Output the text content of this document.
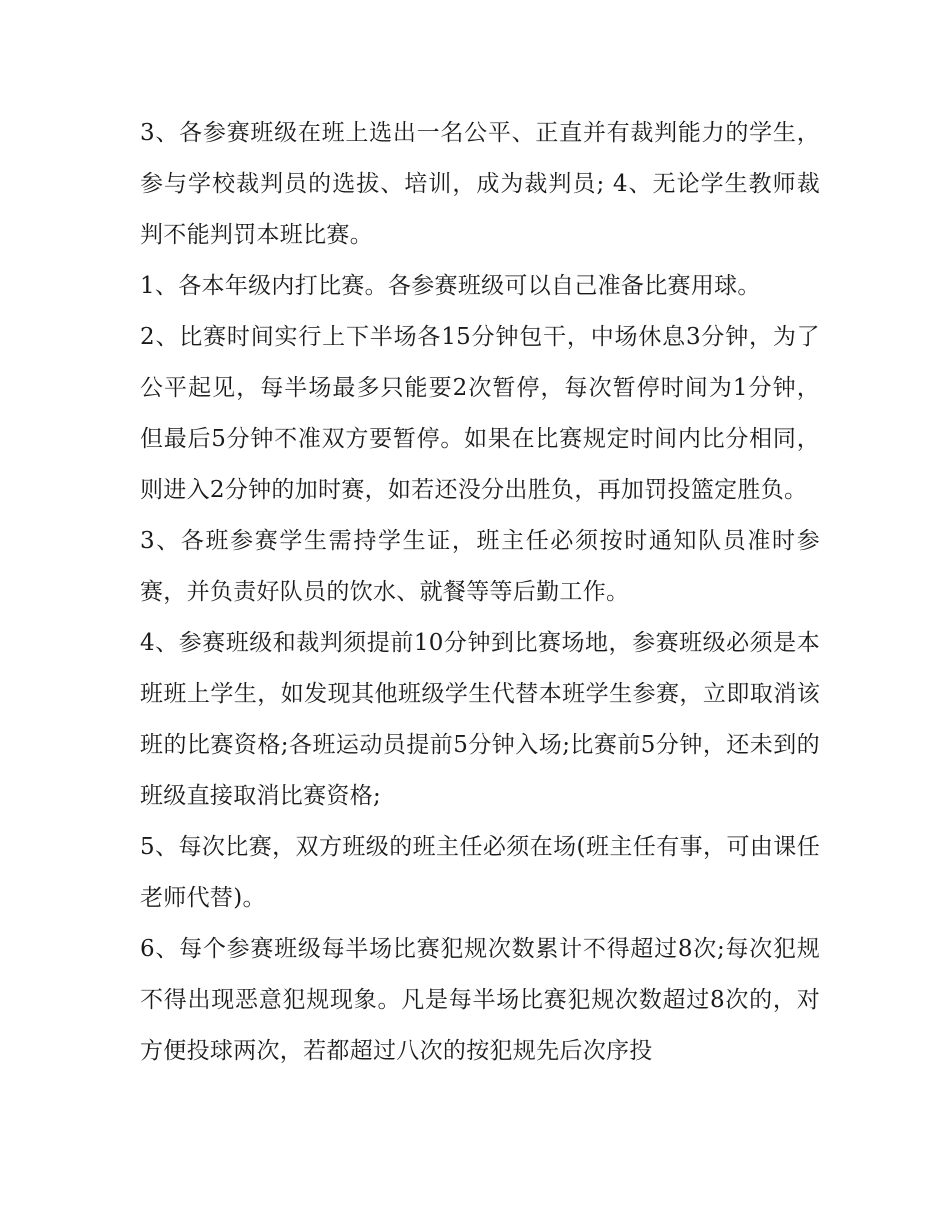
3、各参赛班级在班上选出一名公平、正直并有裁判能力的学生，参与学校裁判员的选拔、培训，成为裁判员; 4、无论学生教师裁判不能判罚本班比赛。

1、各本年级内打比赛。各参赛班级可以自己准备比赛用球。

2、比赛时间实行上下半场各15分钟包干，中场休息3分钟，为了公平起见，每半场最多只能要2次暂停，每次暂停时间为1分钟，但最后5分钟不准双方要暂停。如果在比赛规定时间内比分相同，则进入2分钟的加时赛，如若还没分出胜负，再加罚投篮定胜负。

3、各班参赛学生需持学生证，班主任必须按时通知队员准时参赛，并负责好队员的饮水、就餐等等后勤工作。

4、参赛班级和裁判须提前10分钟到比赛场地，参赛班级必须是本班班上学生，如发现其他班级学生代替本班学生参赛，立即取消该班的比赛资格;各班运动员提前5分钟入场;比赛前5分钟，还未到的班级直接取消比赛资格;

5、每次比赛，双方班级的班主任必须在场(班主任有事，可由课任老师代替)。

6、每个参赛班级每半场比赛犯规次数累计不得超过8次;每次犯规不得出现恶意犯规现象。凡是每半场比赛犯规次数超过8次的，对方便投球两次，若都超过八次的按犯规先后次序投
